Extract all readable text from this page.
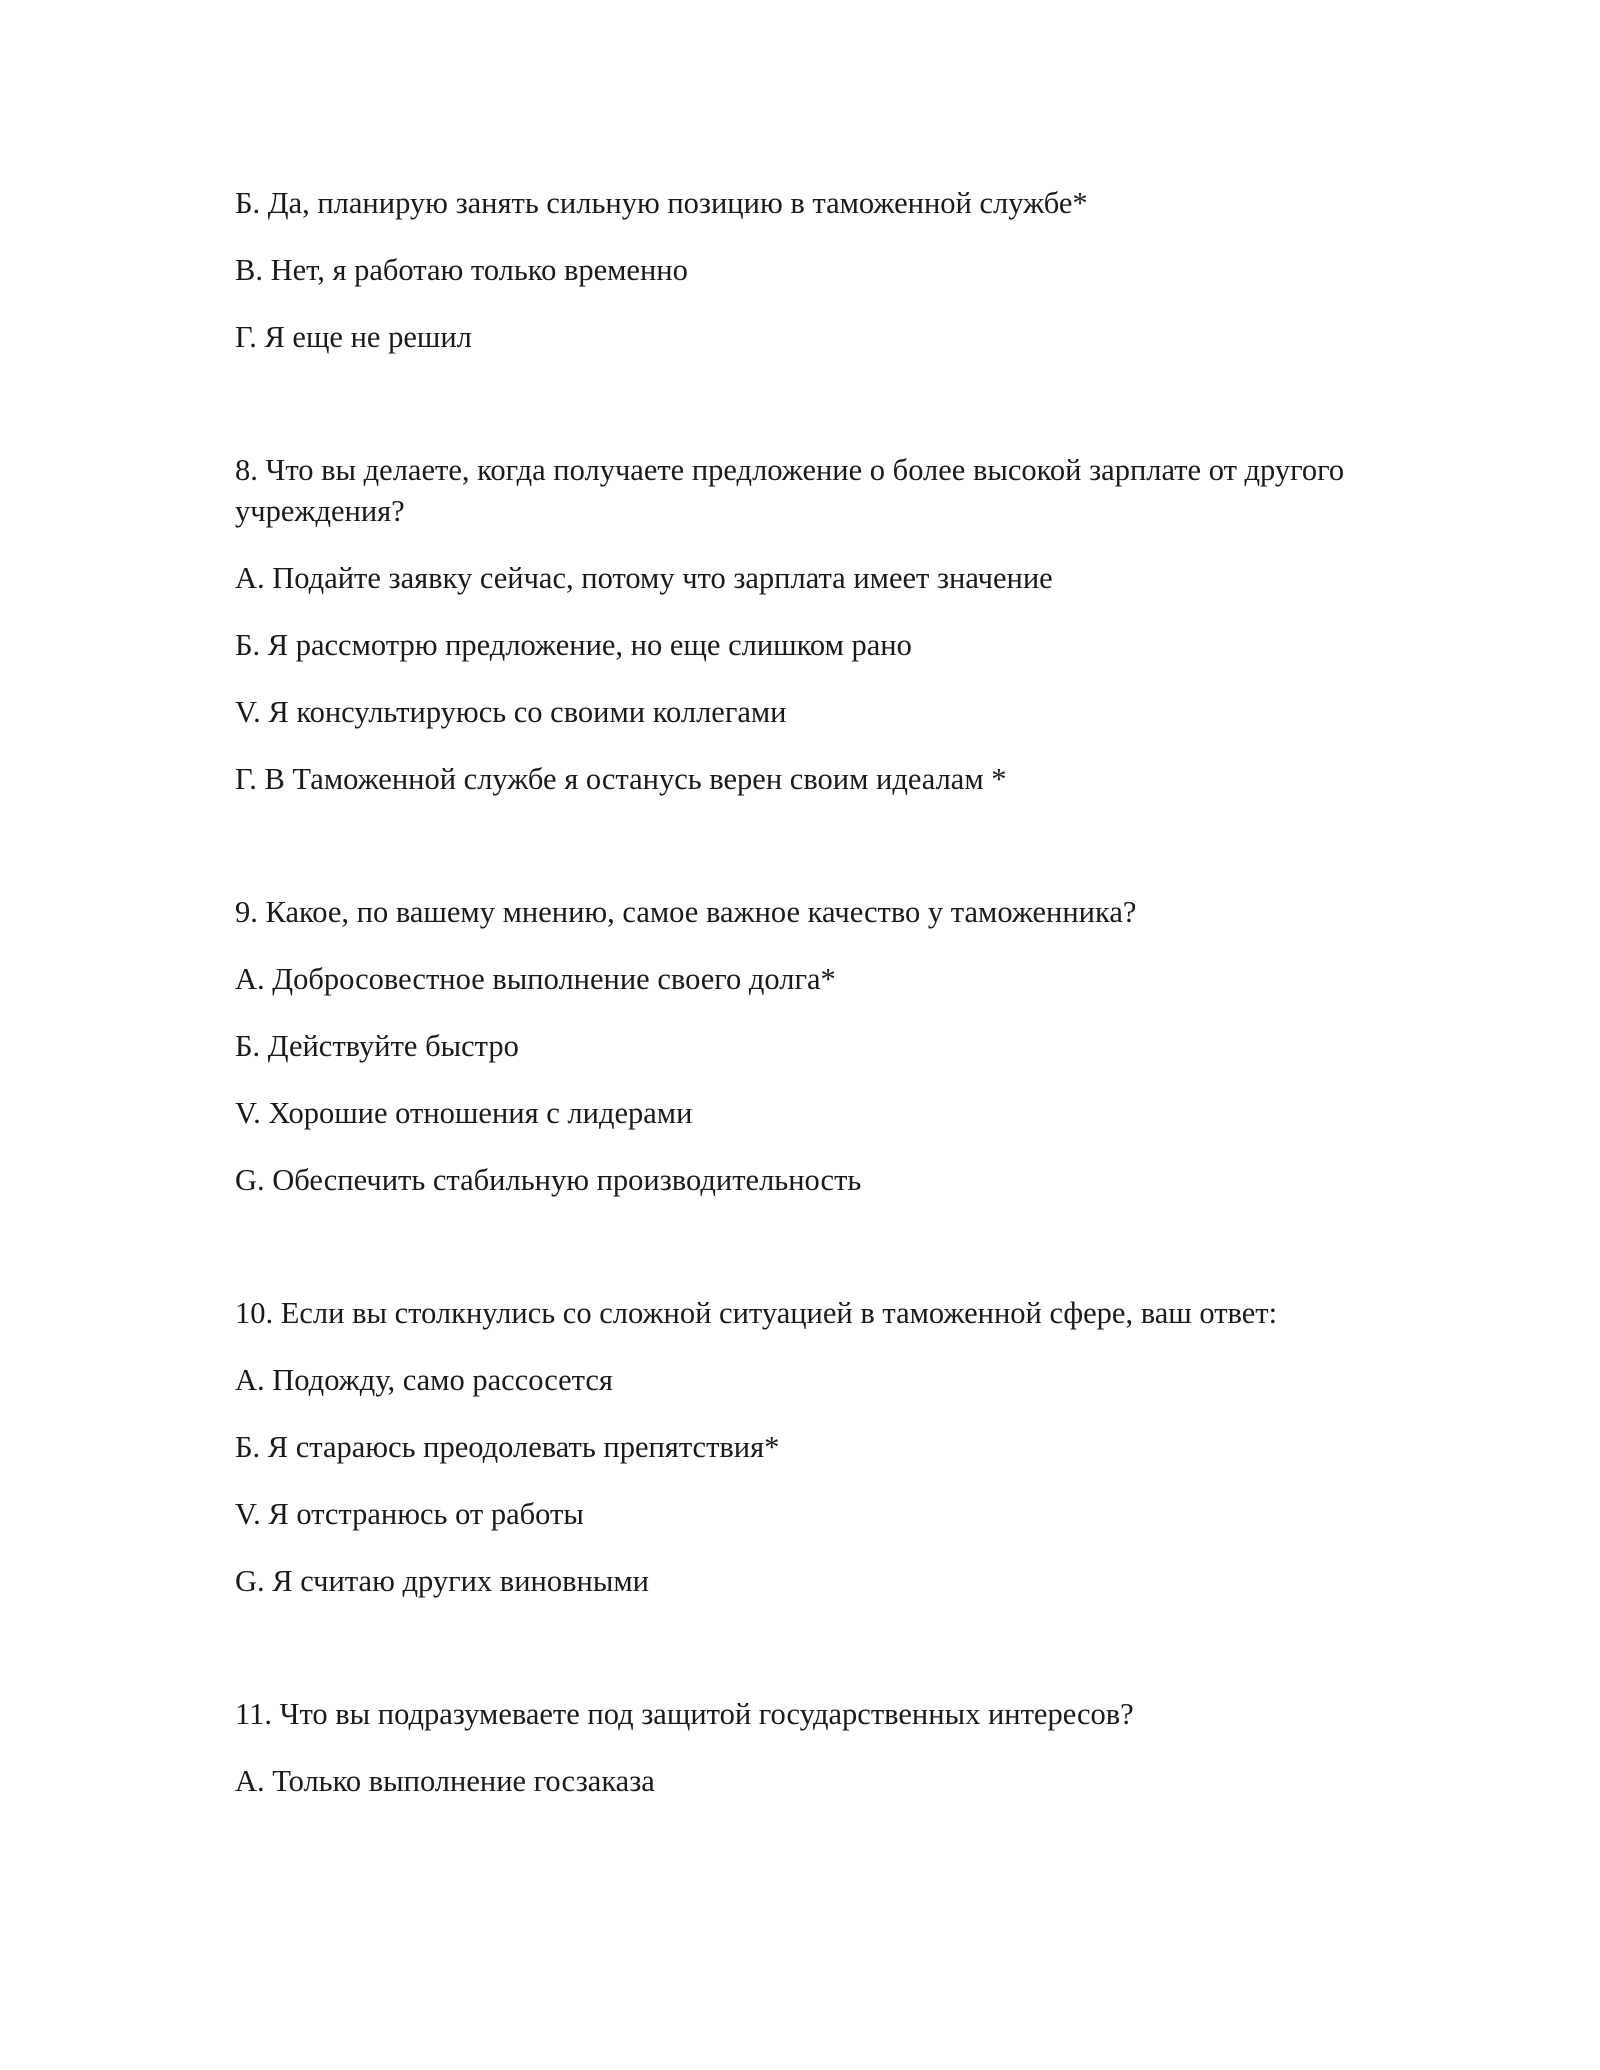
Б. Да, планирую занять сильную позицию в таможенной службе*

В. Нет, я работаю только временно

Г. Я еще не решил

8. Что вы делаете, когда получаете предложение о более высокой зарплате от другого учреждения?

А. Подайте заявку сейчас, потому что зарплата имеет значение

Б. Я рассмотрю предложение, но еще слишком рано

V. Я консультируюсь со своими коллегами

Г. В Таможенной службе я останусь верен своим идеалам *

9. Какое, по вашему мнению, самое важное качество у таможенника?

А. Добросовестное выполнение своего долга*

Б. Действуйте быстро

V. Хорошие отношения с лидерами

G. Обеспечить стабильную производительность

10. Если вы столкнулись со сложной ситуацией в таможенной сфере, ваш ответ:

А. Подожду, само рассосется

Б. Я стараюсь преодолевать препятствия*

V. Я отстранюсь от работы

G. Я считаю других виновными

11. Что вы подразумеваете под защитой государственных интересов?

А. Только выполнение госзаказа
